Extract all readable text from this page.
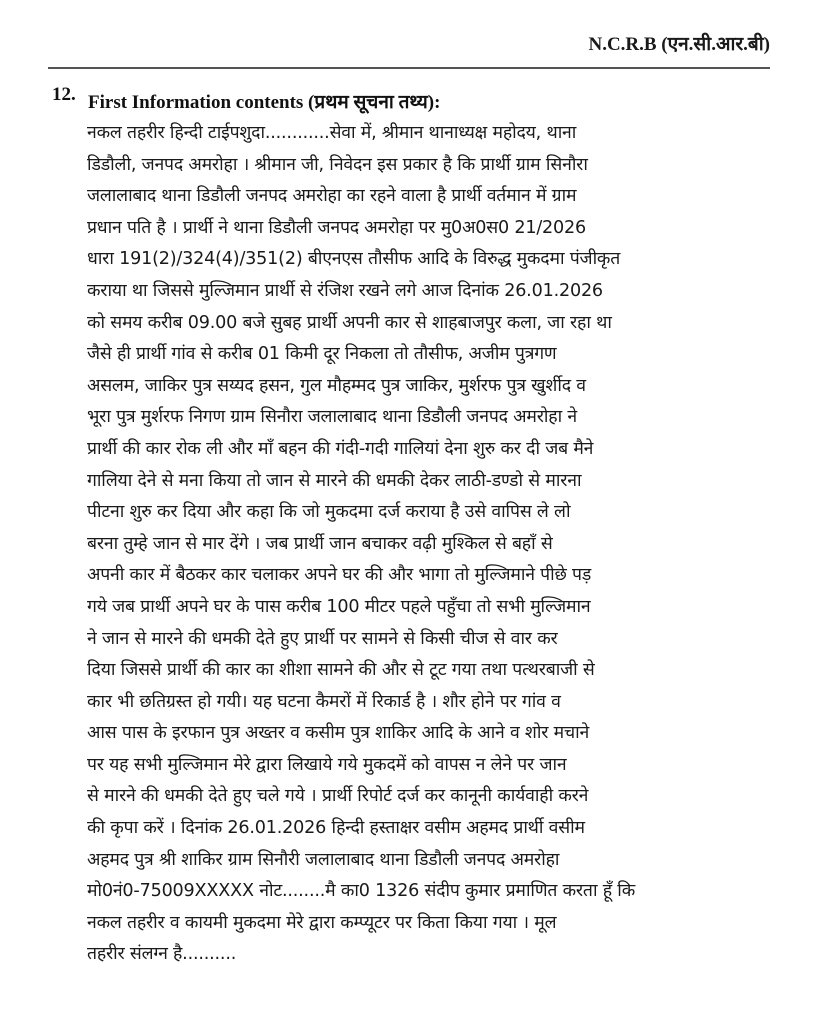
N.C.R.B (एन.सी.आर.बी)
12. First Information contents (प्रथम सूचना तथ्य):
नकल तहरीर हिन्दी टाईपशुदा............सेवा में, श्रीमान थानाध्यक्ष महोदय, थाना
डिडौली, जनपद अमरोहा । श्रीमान जी, निवेदन इस प्रकार है कि प्रार्थी ग्राम सिनौरा
जलालाबाद थाना डिडौली जनपद अमरोहा का रहने वाला है प्रार्थी वर्तमान में ग्राम
प्रधान पति है । प्रार्थी ने थाना डिडौली जनपद अमरोहा पर मु0अ0स0 21/2026
धारा 191(2)/324(4)/351(2) बीएनएस तौसीफ आदि के विरुद्ध मुकदमा पंजीकृत
कराया था जिससे मुल्जिमान प्रार्थी से रंजिश रखने लगे आज दिनांक 26.01.2026
को समय करीब 09.00 बजे सुबह प्रार्थी अपनी कार से शाहबाजपुर कला, जा रहा था
जैसे ही प्रार्थी गांव से करीब 01 किमी दूर निकला तो तौसीफ, अजीम पुत्रगण
असलम, जाकिर पुत्र सय्यद हसन, गुल मौहम्मद पुत्र जाकिर, मुर्शरफ पुत्र खुर्शीद व
भूरा पुत्र मुर्शरफ निगण ग्राम सिनौरा जलालाबाद थाना डिडौली जनपद अमरोहा ने
प्रार्थी की कार रोक ली और माँ बहन की गंदी-गदी गालियां देना शुरु कर दी जब मैने
गालिया देने से मना किया तो जान से मारने की धमकी देकर लाठी-डण्डो से मारना
पीटना शुरु कर दिया और कहा कि जो मुकदमा दर्ज कराया है उसे वापिस ले लो
बरना तुम्हे जान से मार देंगे । जब प्रार्थी जान बचाकर वढ़ी मुश्किल से बहाँ से
अपनी कार में बैठकर कार चलाकर अपने घर की और भागा तो मुल्जिमाने पीछे पड़
गये जब प्रार्थी अपने घर के पास करीब 100 मीटर पहले पहुँचा तो सभी मुल्जिमान
ने जान से मारने की धमकी देते हुए प्रार्थी पर सामने से किसी चीज से वार कर
दिया जिससे प्रार्थी की कार का शीशा सामने की और से टूट गया तथा पत्थरबाजी से
कार भी छतिग्रस्त हो गयी। यह घटना कैमरों में रिकार्ड है । शौर होने पर गांव व
आस पास के इरफान पुत्र अख्तर व कसीम पुत्र शाकिर आदि के आने व शोर मचाने
पर यह सभी मुल्जिमान मेरे द्वारा लिखाये गये मुकदमें को वापस न लेने पर जान
से मारने की धमकी देते हुए चले गये । प्रार्थी रिपोर्ट दर्ज कर कानूनी कार्यवाही करने
की कृपा करें । दिनांक 26.01.2026 हिन्दी हस्ताक्षर वसीम अहमद प्रार्थी वसीम
अहमद पुत्र श्री शाकिर ग्राम सिनौरी जलालाबाद थाना डिडौली जनपद अमरोहा
मो0नं0-75009XXXXX नोट........मै का0 1326 संदीप कुमार प्रमाणित करता हूँ कि
नकल तहरीर व कायमी मुकदमा मेरे द्वारा कम्प्यूटर पर किता किया गया । मूल
तहरीर संलग्न है..........
